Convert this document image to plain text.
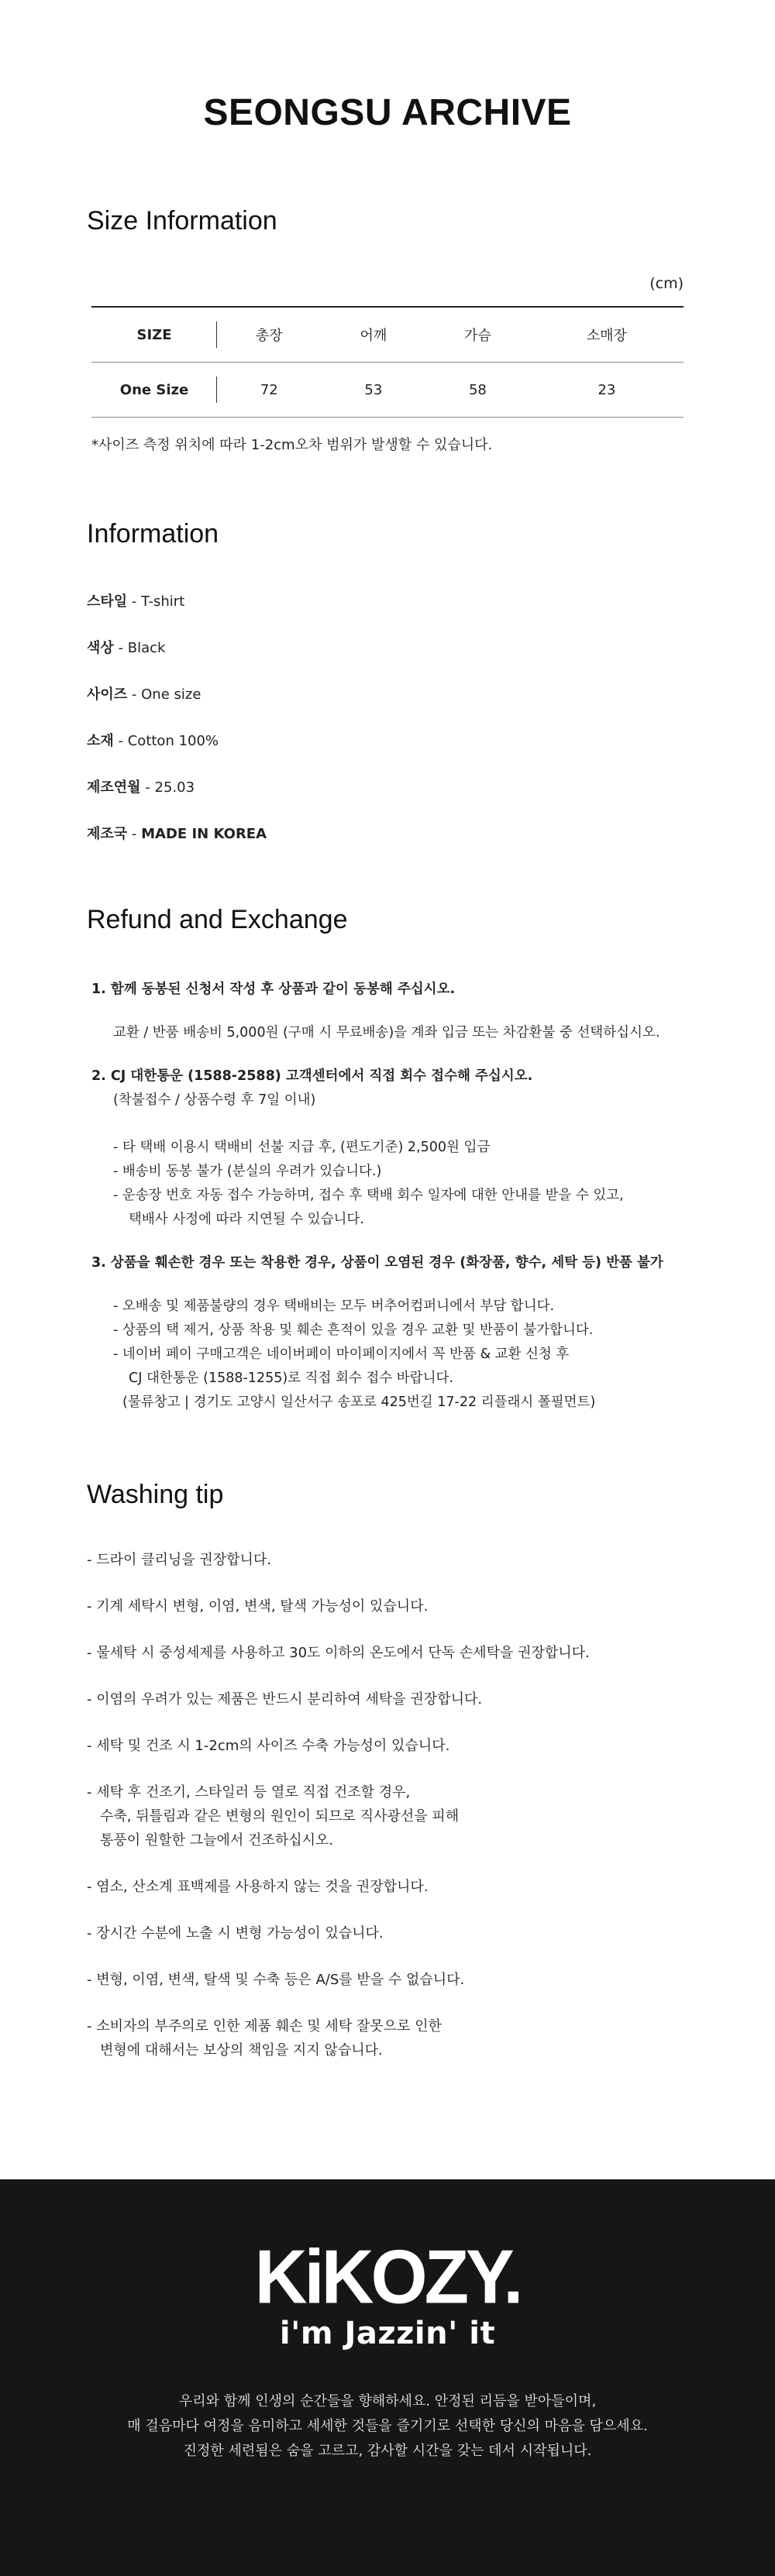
SEONGSU ARCHIVE
Size Information
(cm)
SIZE	총장	어깨	가슴	소매장
One Size	72	53	58	23

*사이즈 측정 위치에 따라 1-2cm오차 범위가 발생할 수 있습니다.

Information
스타일 - T-shirt
색상 - Black
사이즈 - One size
소재 - Cotton 100%
제조연월 - 25.03
제조국 - MADE IN KOREA
Refund and Exchange

1. 함께 동봉된 신청서 작성 후 상품과 같이 동봉해 주십시오.

교환 / 반품 배송비 5,000원 (구매 시 무료배송)을 계좌 입금 또는 차감환불 중 선택하십시오.

2. CJ 대한통운 (1588-2588) 고객센터에서 직접 회수 접수해 주십시오.

(착불접수 / 상품수령 후 7일 이내)

- 타 택배 이용시 택배비 선불 지급 후, (편도기준) 2,500원 입금

- 배송비 동봉 불가 (분실의 우려가 있습니다.)

- 운송장 번호 자동 접수 가능하며, 접수 후 택배 회수 일자에 대한 안내를 받을 수 있고,

택배사 사정에 따라 지연될 수 있습니다.

3. 상품을 훼손한 경우 또는 착용한 경우, 상품이 오염된 경우 (화장품, 향수, 세탁 등) 반품 불가

- 오배송 및 제품불량의 경우 택배비는 모두 버추어컴퍼니에서 부담 합니다.

- 상품의 택 제거, 상품 착용 및 훼손 흔적이 있을 경우 교환 및 반품이 불가합니다.

- 네이버 페이 구매고객은 네이버페이 마이페이지에서 꼭 반품 & 교환 신청 후

CJ 대한통운 (1588-1255)로 직접 회수 접수 바랍니다.

(물류창고 | 경기도 고양시 일산서구 송포로 425번길 17-22 리플래시 폴필먼트)

Washing tip

- 드라이 클리닝을 권장합니다.

- 기계 세탁시 변형, 이염, 변색, 탈색 가능성이 있습니다.

- 물세탁 시 중성세제를 사용하고 30도 이하의 온도에서 단독 손세탁을 권장합니다.

- 이염의 우려가 있는 제품은 반드시 분리하여 세탁을 권장합니다.

- 세탁 및 건조 시 1-2cm의 사이즈 수축 가능성이 있습니다.

- 세탁 후 건조기, 스타일러 등 열로 직접 건조할 경우,
수축, 뒤틀림과 같은 변형의 원인이 되므로 직사광선을 피해
통풍이 원할한 그늘에서 건조하십시오.

- 염소, 산소계 표백제를 사용하지 않는 것을 권장합니다.

- 장시간 수분에 노출 시 변형 가능성이 있습니다.

- 변형, 이염, 변색, 탈색 및 수축 등은 A/S를 받을 수 없습니다.

- 소비자의 부주의로 인한 제품 훼손 및 세탁 잘못으로 인한
변형에 대해서는 보상의 책임을 지지 않습니다.
KiKOZY.
i'm Jazzin' it

우리와 함께 인생의 순간들을 향해하세요. 안정된 리듬을 받아들이며,

매 걸음마다 여정을 음미하고 세세한 것들을 즐기기로 선택한 당신의 마음을 담으세요.

진정한 세련됨은 숨을 고르고, 감사할 시간을 갖는 데서 시작됩니다.
